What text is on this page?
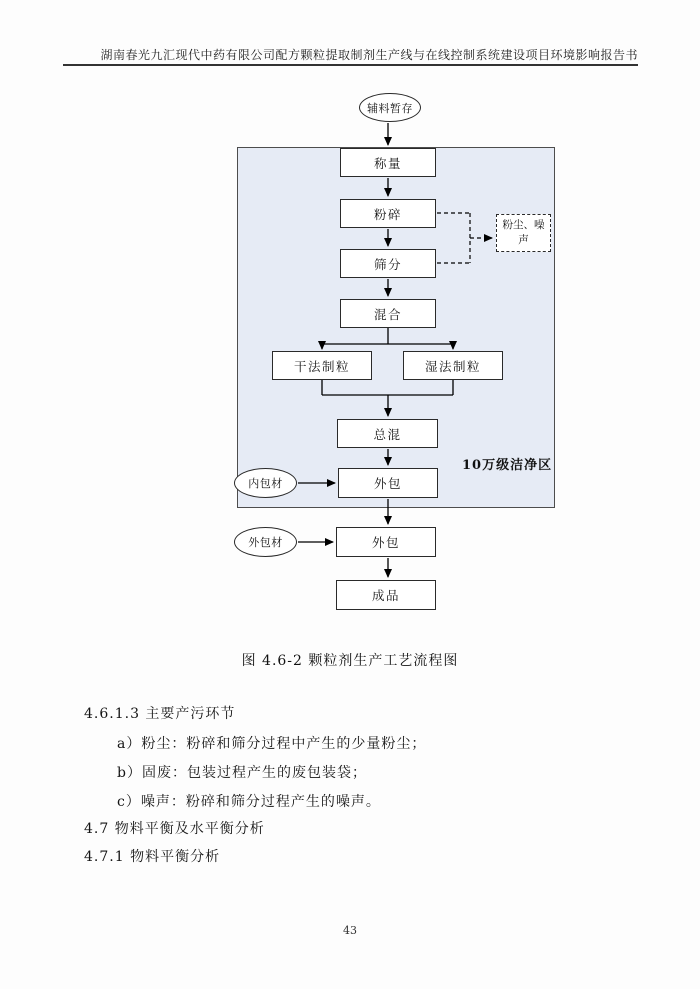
湖南春光九汇现代中药有限公司配方颗粒提取制剂生产线与在线控制系统建设项目环境影响报告书
辅料暂存
称量
粉碎
粉尘、噪声
筛分
混合
干法制粒	湿法制粒
总混
10万级洁净区
内包材	外包
外包材	外包
成品
图 4.6-2 颗粒剂生产工艺流程图
4.6.1.3 主要产污环节
a）粉尘：粉碎和筛分过程中产生的少量粉尘；
b）固废：包装过程产生的废包装袋；
c）噪声：粉碎和筛分过程产生的噪声。
4.7 物料平衡及水平衡分析
4.7.1 物料平衡分析
43
